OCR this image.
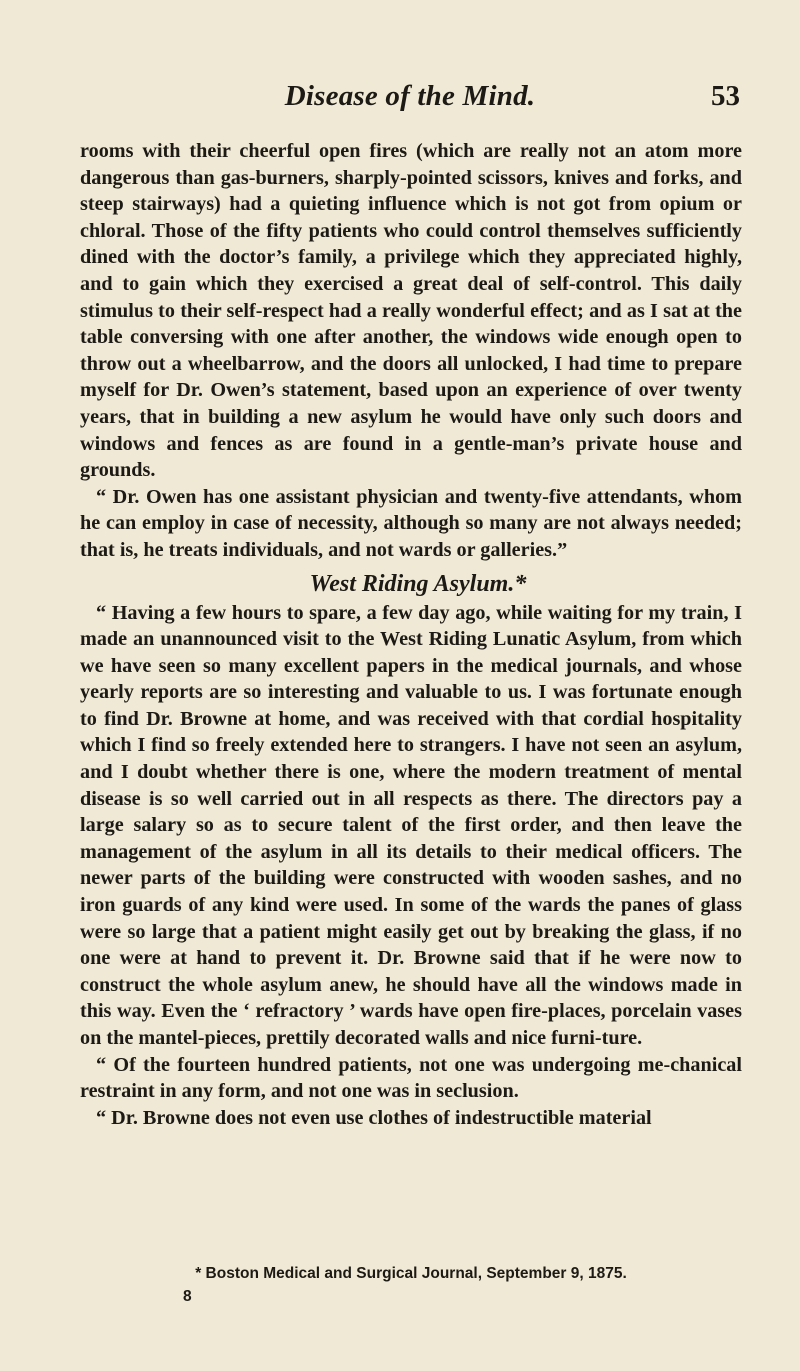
Disease of the Mind.	53

rooms with their cheerful open fires (which are really not an atom more dangerous than gas-burners, sharply-pointed scissors, knives and forks, and steep stairways) had a quieting influence which is not got from opium or chloral. Those of the fifty patients who could control themselves sufficiently dined with the doctor’s family, a privilege which they appreciated highly, and to gain which they exercised a great deal of self-control. This daily stimulus to their self-respect had a really wonderful effect; and as I sat at the table conversing with one after another, the windows wide enough open to throw out a wheelbarrow, and the doors all unlocked, I had time to prepare myself for Dr. Owen’s statement, based upon an experience of over twenty years, that in building a new asylum he would have only such doors and windows and fences as are found in a gentle-man’s private house and grounds.

“ Dr. Owen has one assistant physician and twenty-five attendants, whom he can employ in case of necessity, although so many are not always needed; that is, he treats individuals, and not wards or galleries.”

West Riding Asylum.*

“ Having a few hours to spare, a few day ago, while waiting for my train, I made an unannounced visit to the West Riding Lunatic Asylum, from which we have seen so many excellent papers in the medical journals, and whose yearly reports are so interesting and valuable to us. I was fortunate enough to find Dr. Browne at home, and was received with that cordial hospitality which I find so freely extended here to strangers. I have not seen an asylum, and I doubt whether there is one, where the modern treatment of mental disease is so well carried out in all respects as there. The directors pay a large salary so as to secure talent of the first order, and then leave the management of the asylum in all its details to their medical officers. The newer parts of the building were constructed with wooden sashes, and no iron guards of any kind were used. In some of the wards the panes of glass were so large that a patient might easily get out by breaking the glass, if no one were at hand to prevent it. Dr. Browne said that if he were now to construct the whole asylum anew, he should have all the windows made in this way. Even the ‘ refractory ’ wards have open fire-places, porcelain vases on the mantel-pieces, prettily decorated walls and nice furni-ture.

“ Of the fourteen hundred patients, not one was undergoing me-chanical restraint in any form, and not one was in seclusion.

“ Dr. Browne does not even use clothes of indestructible material

* Boston Medical and Surgical Journal, September 9, 1875.
8
